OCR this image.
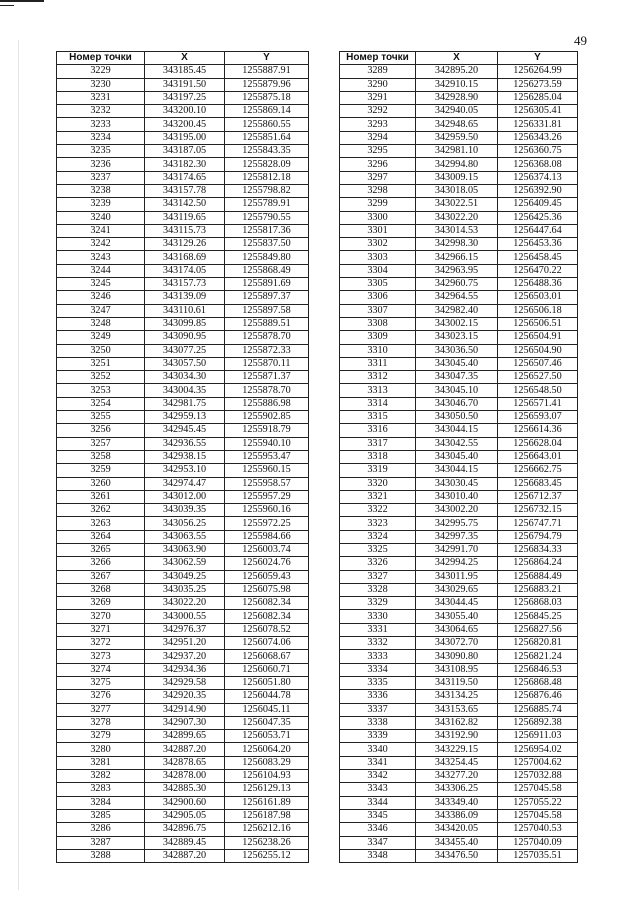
49
Номер точки	X	Y
3229	343185.45	1255887.91
3230	343191.50	1255879.96
3231	343197.25	1255875.18
3232	343200.10	1255869.14
3233	343200.45	1255860.55
3234	343195.00	1255851.64
3235	343187.05	1255843.35
3236	343182.30	1255828.09
3237	343174.65	1255812.18
3238	343157.78	1255798.82
3239	343142.50	1255789.91
3240	343119.65	1255790.55
3241	343115.73	1255817.36
3242	343129.26	1255837.50
3243	343168.69	1255849.80
3244	343174.05	1255868.49
3245	343157.73	1255891.69
3246	343139.09	1255897.37
3247	343110.61	1255897.58
3248	343099.85	1255889.51
3249	343090.95	1255878.70
3250	343077.25	1255872.33
3251	343057.50	1255870.11
3252	343034.30	1255871.37
3253	343004.35	1255878.70
3254	342981.75	1255886.98
3255	342959.13	1255902.85
3256	342945.45	1255918.79
3257	342936.55	1255940.10
3258	342938.15	1255953.47
3259	342953.10	1255960.15
3260	342974.47	1255958.57
3261	343012.00	1255957.29
3262	343039.35	1255960.16
3263	343056.25	1255972.25
3264	343063.55	1255984.66
3265	343063.90	1256003.74
3266	343062.59	1256024.76
3267	343049.25	1256059.43
3268	343035.25	1256075.98
3269	343022.20	1256082.34
3270	343000.55	1256082.34
3271	342976.37	1256078.52
3272	342951.20	1256074.06
3273	342937.20	1256068.67
3274	342934.36	1256060.71
3275	342929.58	1256051.80
3276	342920.35	1256044.78
3277	342914.90	1256045.11
3278	342907.30	1256047.35
3279	342899.65	1256053.71
3280	342887.20	1256064.20
3281	342878.65	1256083.29
3282	342878.00	1256104.93
3283	342885.30	1256129.13
3284	342900.60	1256161.89
3285	342905.05	1256187.98
3286	342896.75	1256212.16
3287	342889.45	1256238.26
3288	342887.20	1256255.12
Номер точки	X	Y
3289	342895.20	1256264.99
3290	342910.15	1256273.59
3291	342928.90	1256285.04
3292	342940.05	1256305.41
3293	342948.65	1256331.81
3294	342959.50	1256343.26
3295	342981.10	1256360.75
3296	342994.80	1256368.08
3297	343009.15	1256374.13
3298	343018.05	1256392.90
3299	343022.51	1256409.45
3300	343022.20	1256425.36
3301	343014.53	1256447.64
3302	342998.30	1256453.36
3303	342966.15	1256458.45
3304	342963.95	1256470.22
3305	342960.75	1256488.36
3306	342964.55	1256503.01
3307	342982.40	1256506.18
3308	343002.15	1256506.51
3309	343023.15	1256504.91
3310	343036.50	1256504.90
3311	343045.40	1256507.46
3312	343047.35	1256527.50
3313	343045.10	1256548.50
3314	343046.70	1256571.41
3315	343050.50	1256593.07
3316	343044.15	1256614.36
3317	343042.55	1256628.04
3318	343045.40	1256643.01
3319	343044.15	1256662.75
3320	343030.45	1256683.45
3321	343010.40	1256712.37
3322	343002.20	1256732.15
3323	342995.75	1256747.71
3324	342997.35	1256794.79
3325	342991.70	1256834.33
3326	342994.25	1256864.24
3327	343011.95	1256884.49
3328	343029.65	1256883.21
3329	343044.45	1256868.03
3330	343055.40	1256845.25
3331	343064.65	1256827.56
3332	343072.70	1256820.81
3333	343090.80	1256821.24
3334	343108.95	1256846.53
3335	343119.50	1256868.48
3336	343134.25	1256876.46
3337	343153.65	1256885.74
3338	343162.82	1256892.38
3339	343192.90	1256911.03
3340	343229.15	1256954.02
3341	343254.45	1257004.62
3342	343277.20	1257032.88
3343	343306.25	1257045.58
3344	343349.40	1257055.22
3345	343386.09	1257045.58
3346	343420.05	1257040.53
3347	343455.40	1257040.09
3348	343476.50	1257035.51
